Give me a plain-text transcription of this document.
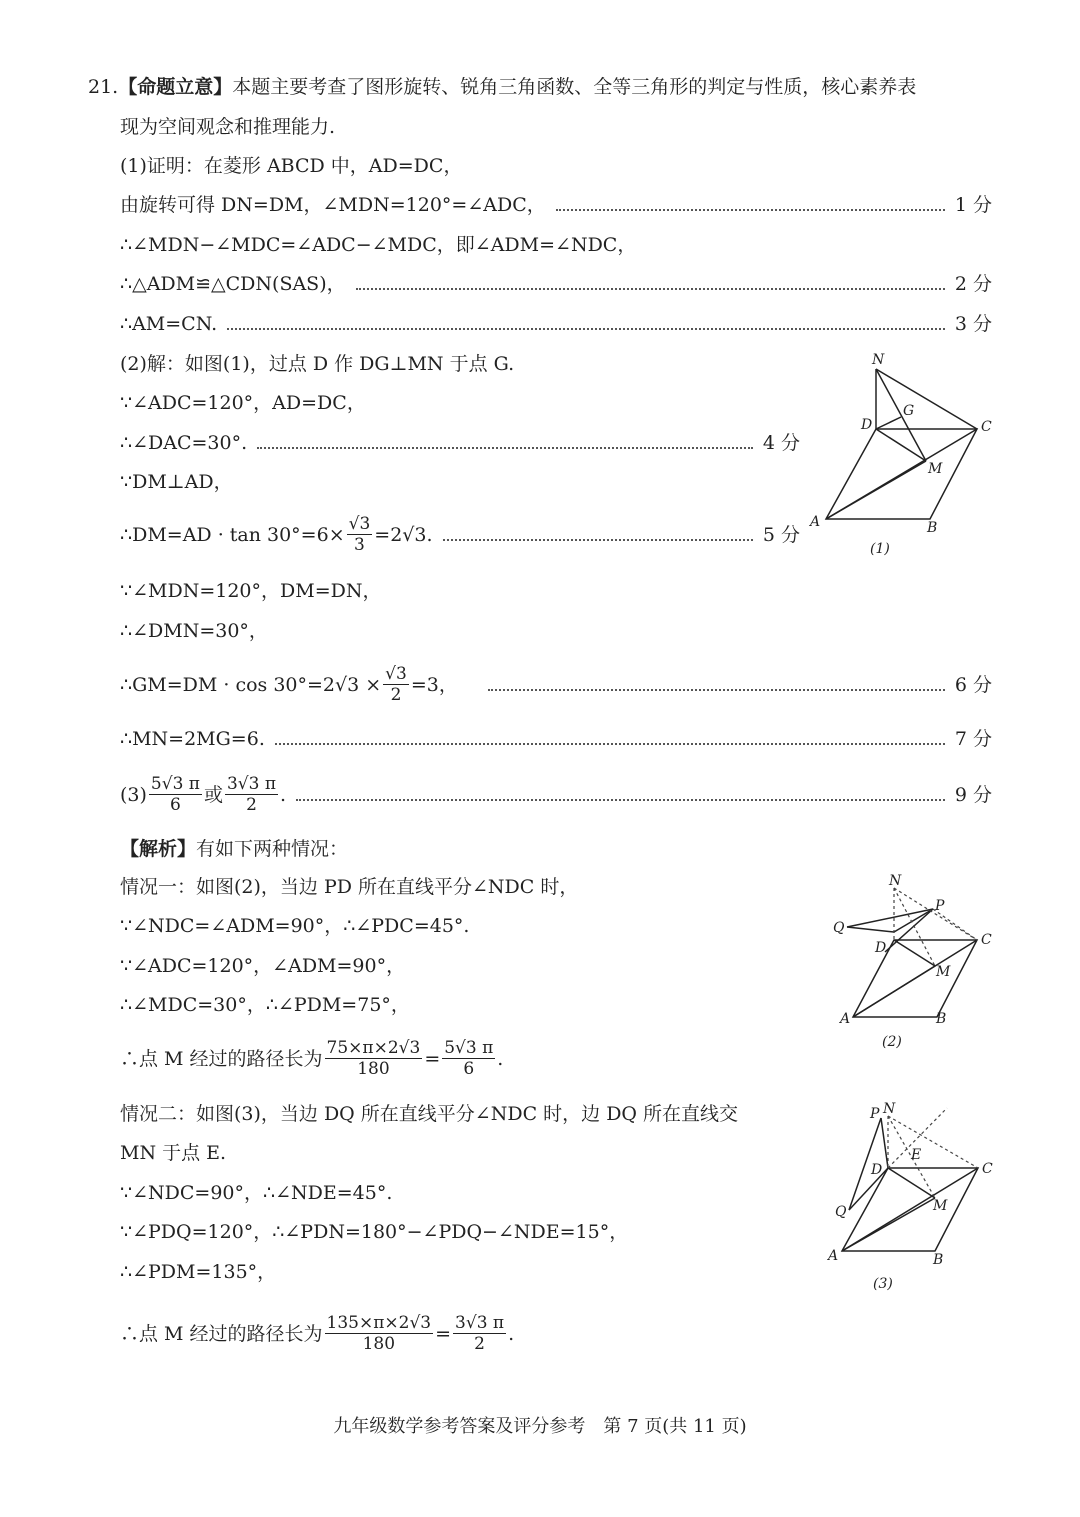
21.【命题立意】本题主要考查了图形旋转、锐角三角函数、全等三角形的判定与性质，核心素养表
现为空间观念和推理能力.
(1)证明：在菱形 ABCD 中，AD=DC，
由旋转可得 DN=DM，∠MDN=120°=∠ADC，	1 分
∴∠MDN−∠MDC=∠ADC−∠MDC，即∠ADM=∠NDC，
∴△ADM≌△CDN(SAS)，	2 分
∴AM=CN.	3 分
(2)解：如图(1)，过点 D 作 DG⊥MN 于点 G.
∵∠ADC=120°，AD=DC，
∴∠DAC=30°.	4 分
∵DM⊥AD，
∴DM=AD · $\tan 30^\circ=6\times \frac{√3}{3} =2√3$.	5 分
∵∠MDN=120°，DM=DN，
∴∠DMN=30°，
∴GM=DM · $\cos 30^\circ=2√3 \times \frac{√3}{2} =3$，	6 分
∴MN=2MG=6.	7 分
$(3) \frac{5√3 \pi}{6}$ 或 $\frac{3√3 \pi}{2}$ .	9 分
【解析】有如下两种情况：
情况一：如图(2)，当边 PD 所在直线平分∠NDC 时，
∵∠NDC=∠ADM=90°，∴∠PDC=45°.
∵∠ADC=120°，∠ADM=90°，
∴∠MDC=30°，∴∠PDM=75°，
∴点 M 经过的路径长为 $\frac{75\times\pi\times 2√3}{180} = \frac{5√3 \pi}{6}$ .
情况二：如图(3)，当边 DQ 所在直线平分∠NDC 时，边 DQ 所在直线交
MN 于点 E.
∵∠NDC=90°，∴∠NDE=45°.
∵∠PDQ=120°，∴∠PDN=180°−∠PDQ−∠NDE=15°，
∴∠PDM=135°，
∴点 M 经过的路径长为 $\frac{135\times\pi\times 2√3}{180} = \frac{3√3 \pi}{2}$ .
N
G
D	C
M
A	B
(1)
N
P
Q
D	C
M
A	B
(2)
P N
E
D	C
Q	M
A	B
(3)
九年级数学参考答案及评分参考　第 7 页(共 11 页)
